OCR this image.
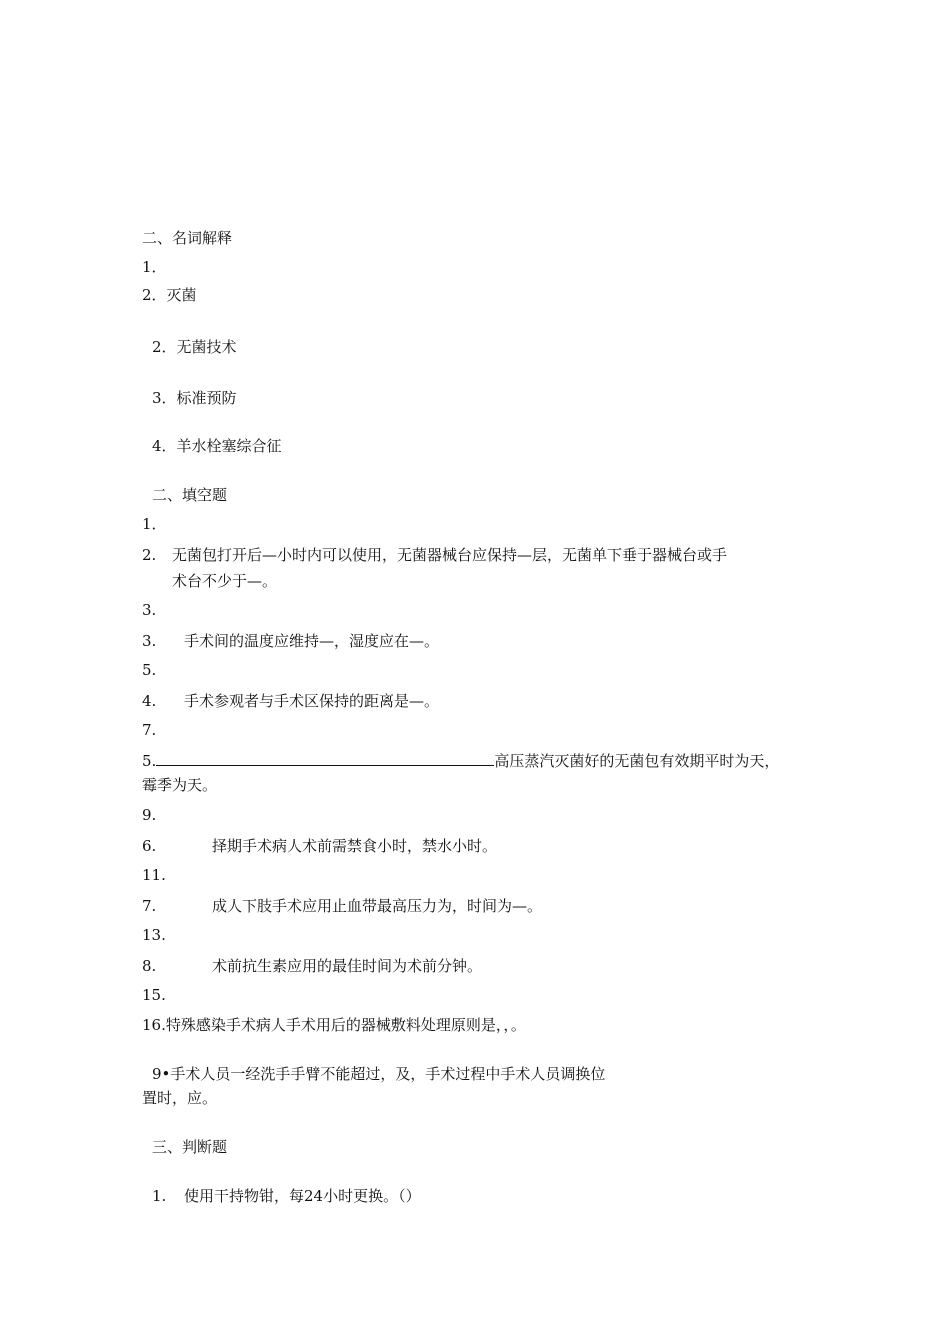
二、名词解释
1．
2．灭菌
2．无菌技术
3．标准预防
4．羊水栓塞综合征
二、填空题
1．
2. 无菌包打开后—小时内可以使用，无菌器械台应保持—层，无菌单下垂于器械台或手
术台不少于—。
3.
3. 手术间的温度应维持—，湿度应在—。
5.
4. 手术参观者与手术区保持的距离是—。
7.
5.	高压蒸汽灭菌好的无菌包有效期平时为天，
霉季为天。
9.
6.	择期手术病人术前需禁食小时，禁水小时。
11.
7.	成人下肢手术应用止血带最高压力为，时间为—。
13.
8.	术前抗生素应用的最佳时间为术前分钟。
15.
16.特殊感染手术病人手术用后的器械敷料处理原则是，，。
9•手术人员一经洗手手臂不能超过，及，手术过程中手术人员调换位
置时，应。
三、判断题
1. 使用干持物钳，每24小时更换。（）
